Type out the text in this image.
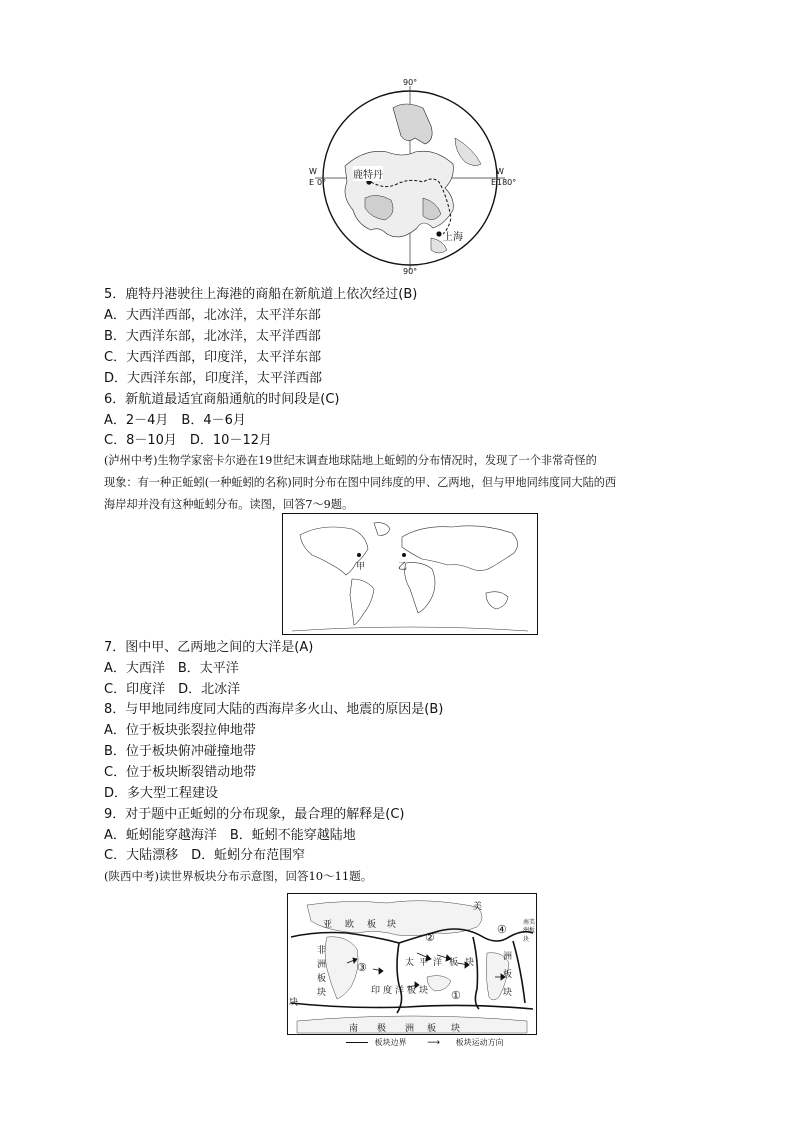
90°
90°
W
E 0°
W
E 180°
鹿特丹
上海
5．鹿特丹港驶往上海港的商船在新航道上依次经过(B)
A．大西洋西部，北冰洋，太平洋东部
B．大西洋东部，北冰洋，太平洋西部
C．大西洋西部，印度洋，太平洋东部
D．大西洋东部，印度洋，太平洋西部
6．新航道最适宜商船通航的时间段是(C)
A．2－4月　B．4－6月
C．8－10月　D．10－12月
(泸州中考)生物学家密卡尔逊在19世纪末调查地球陆地上蚯蚓的分布情况时，发现了一个非常奇怪的
现象：有一种正蚯蚓(一种蚯蚓的名称)同时分布在图中同纬度的甲、乙两地，但与甲地同纬度同大陆的西
海岸却并没有这种蚯蚓分布。读图，回答7～9题。
甲	乙
7．图中甲、乙两地之间的大洋是(A)
A．大西洋　B．太平洋
C．印度洋　D．北冰洋
8．与甲地同纬度同大陆的西海岸多火山、地震的原因是(B)
A．位于板块张裂拉伸地带
B．位于板块俯冲碰撞地带
C．位于板块断裂错动地带
D．多大型工程建设
9．对于题中正蚯蚓的分布现象，最合理的解释是(C)
A．蚯蚓能穿越海洋　B．蚯蚓不能穿越陆地
C．大陆漂移　D．蚯蚓分布范围窄
(陕西中考)读世界板块分布示意图，回答10～11题。
亚 欧 板 块
非
洲
板
块
太 平 洋 板 块
印 度 洋 板 块
南 极 洲 板 块
美
洲
板
块
块
①
②
③
④
南美
洲板块
板块边界 ⟶ 板块运动方向
